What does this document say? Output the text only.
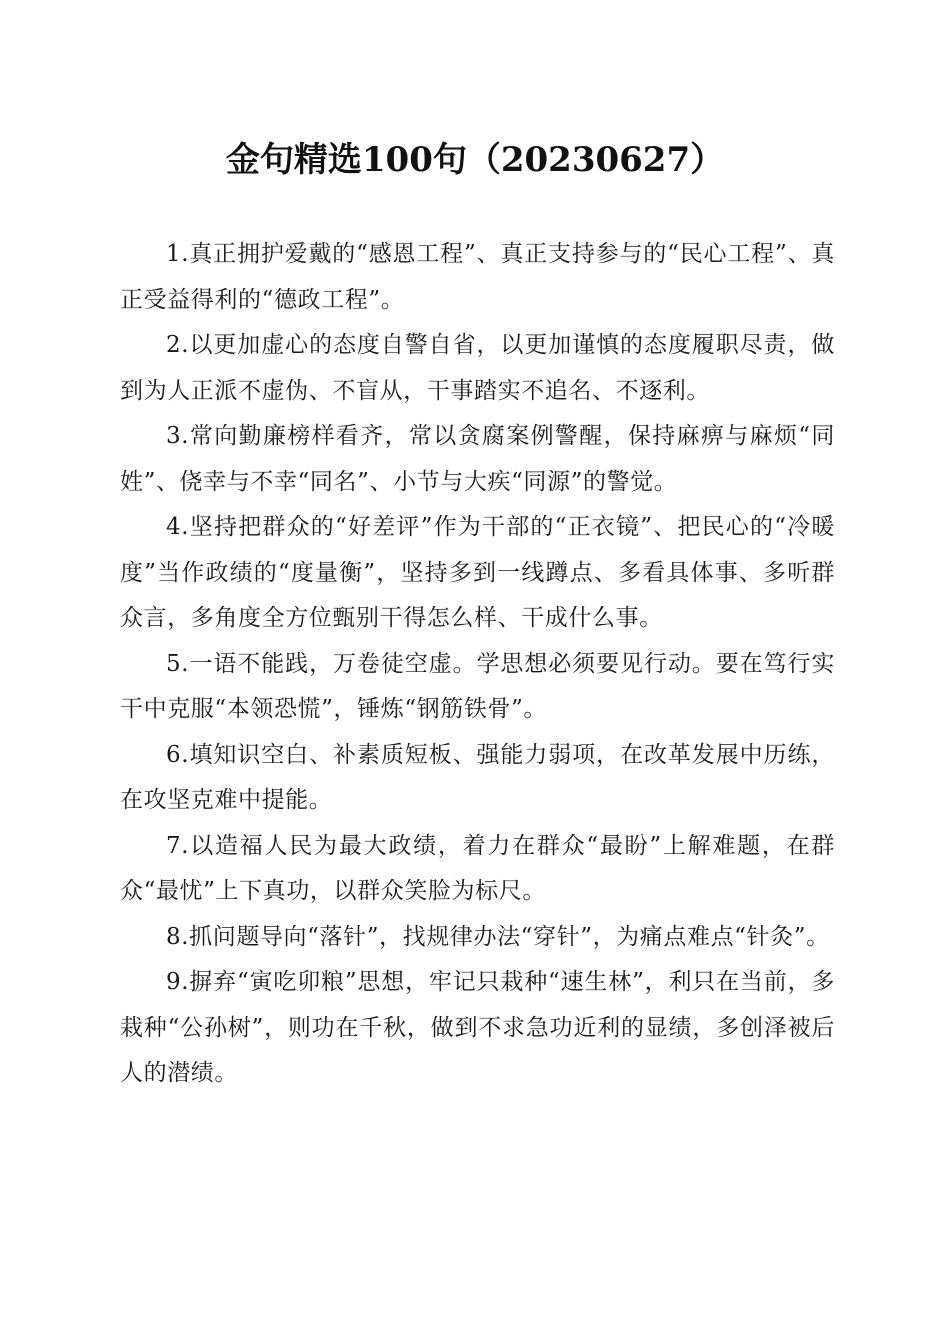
金句精选100句（20230627）

1.真正拥护爱戴的“感恩工程”、真正支持参与的“民心工程”、真正受益得利的“德政工程”。

2.以更加虚心的态度自警自省，以更加谨慎的态度履职尽责，做到为人正派不虚伪、不盲从，干事踏实不追名、不逐利。

3.常向勤廉榜样看齐，常以贪腐案例警醒，保持麻痹与麻烦“同姓”、侥幸与不幸“同名”、小节与大疾“同源”的警觉。

4.坚持把群众的“好差评”作为干部的“正衣镜”、把民心的“冷暖度”当作政绩的“度量衡”，坚持多到一线蹲点、多看具体事、多听群众言，多角度全方位甄别干得怎么样、干成什么事。

5.一语不能践，万卷徒空虚。学思想必须要见行动。要在笃行实干中克服“本领恐慌”，锤炼“钢筋铁骨”。

6.填知识空白、补素质短板、强能力弱项，在改革发展中历练，在攻坚克难中提能。

7.以造福人民为最大政绩，着力在群众“最盼”上解难题，在群众“最忧”上下真功，以群众笑脸为标尺。

8.抓问题导向“落针”，找规律办法“穿针”，为痛点难点“针灸”。

9.摒弃“寅吃卯粮”思想，牢记只栽种“速生林”，利只在当前，多栽种“公孙树”，则功在千秋，做到不求急功近利的显绩，多创泽被后人的潜绩。
